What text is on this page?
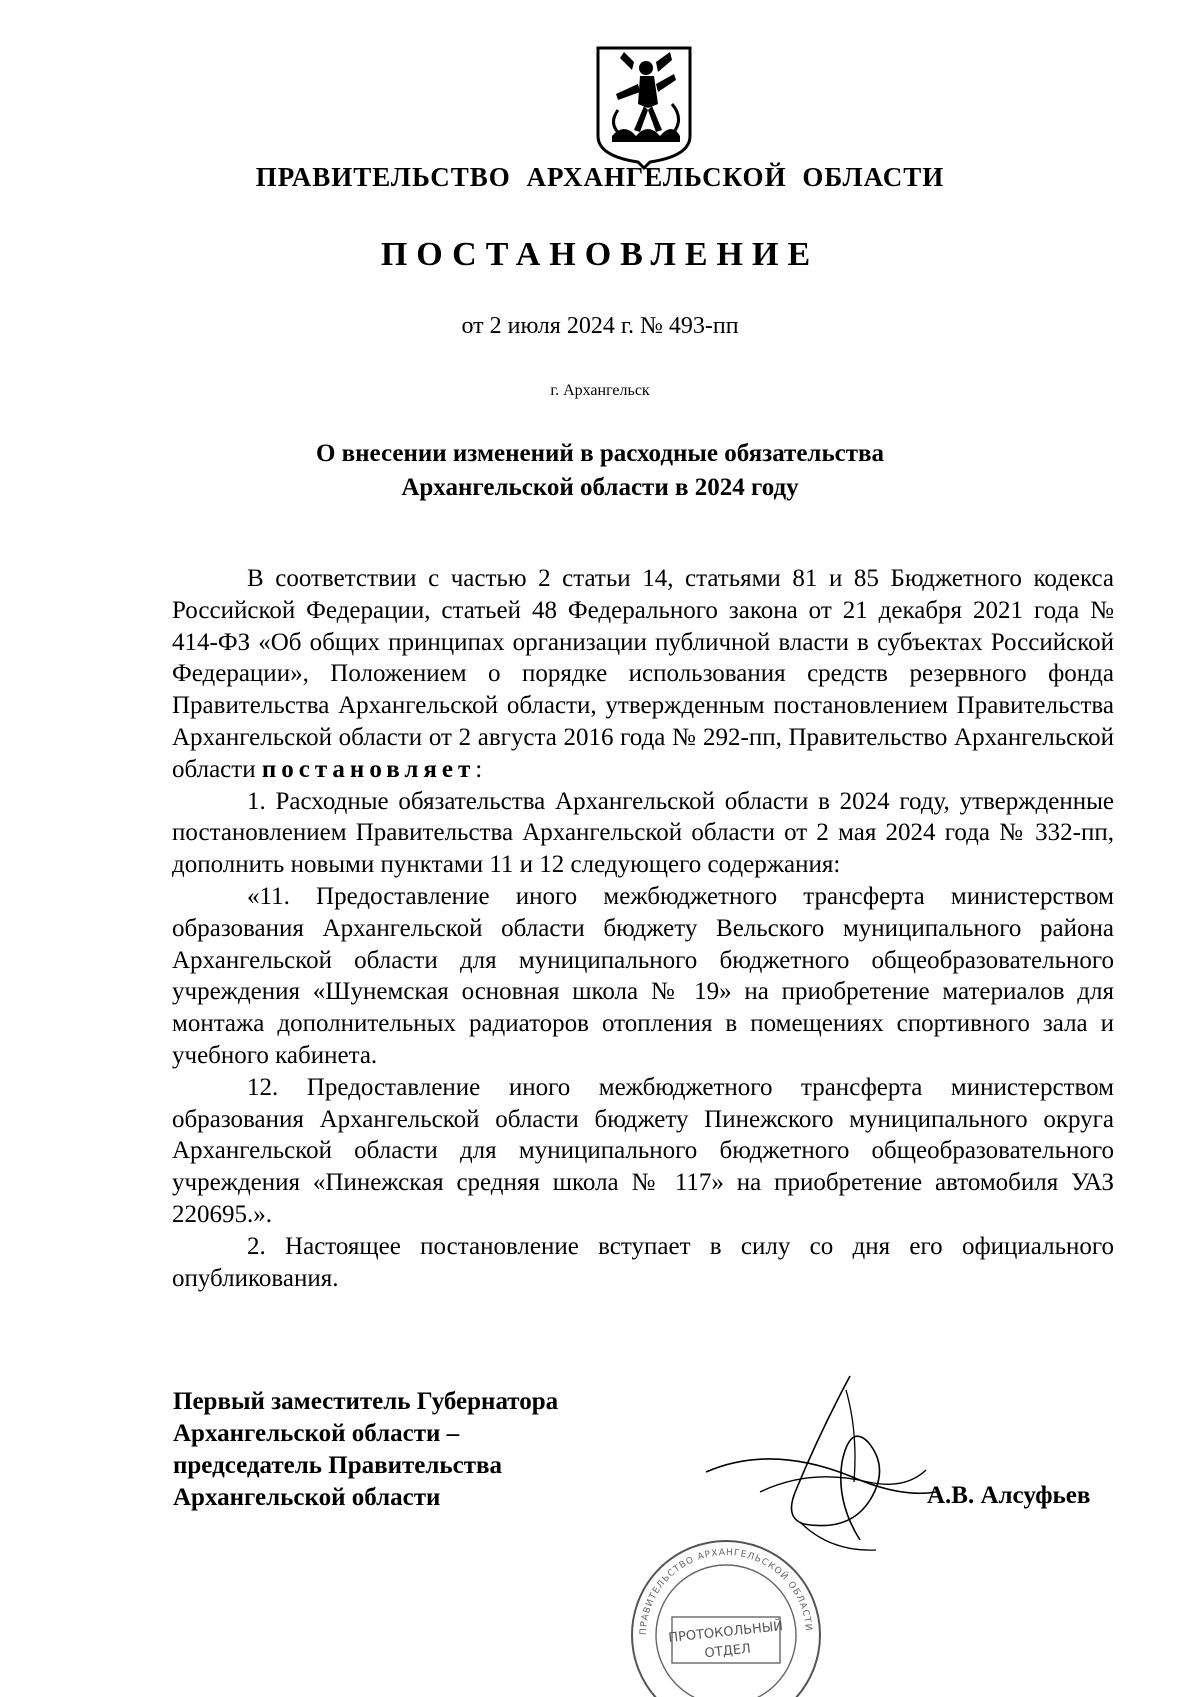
ПРАВИТЕЛЬСТВО АРХАНГЕЛЬСКОЙ ОБЛАСТИ
ПОСТАНОВЛЕНИЕ
от 2 июля 2024 г. № 493-пп
г. Архангельск
О внесении изменений в расходные обязательства
Архангельской области в 2024 году

В соответствии с частью 2 статьи 14, статьями 81 и 85 Бюджетного кодекса Российской Федерации, статьей 48 Федерального закона от 21 декабря 2021 года № 414-ФЗ «Об общих принципах организации публичной власти в субъектах Российской Федерации», Положением о порядке использования средств резервного фонда Правительства Архангельской области, утвержденным постановлением Правительства Архангельской области от 2 августа 2016 года № 292-пп, Правительство Архангельской области постановляет:

1. Расходные обязательства Архангельской области в 2024 году, утвержденные постановлением Правительства Архангельской области от 2 мая 2024 года № 332-пп, дополнить новыми пунктами 11 и 12 следующего содержания:

«11. Предоставление иного межбюджетного трансферта министерством образования Архангельской области бюджету Вельского муниципального района Архангельской области для муниципального бюджетного общеобразовательного учреждения «Шунемская основная школа № 19» на приобретение материалов для монтажа дополнительных радиаторов отопления в помещениях спортивного зала и учебного кабинета.

12. Предоставление иного межбюджетного трансферта министерством образования Архангельской области бюджету Пинежского муниципального округа Архангельской области для муниципального бюджетного общеобразовательного учреждения «Пинежская средняя школа № 117» на приобретение автомобиля УАЗ 220695.».

2. Настоящее постановление вступает в силу со дня его официального опубликования.

Первый заместитель Губернатора
Архангельской области –
председатель Правительства
Архангельской области	А.В. Алсуфьев
ПРАВИТЕЛЬСТВО АРХАНГЕЛЬСКОЙ ОБЛАСТИ
ПРОТОКОЛЬНЫЙ
ОТДЕЛ
